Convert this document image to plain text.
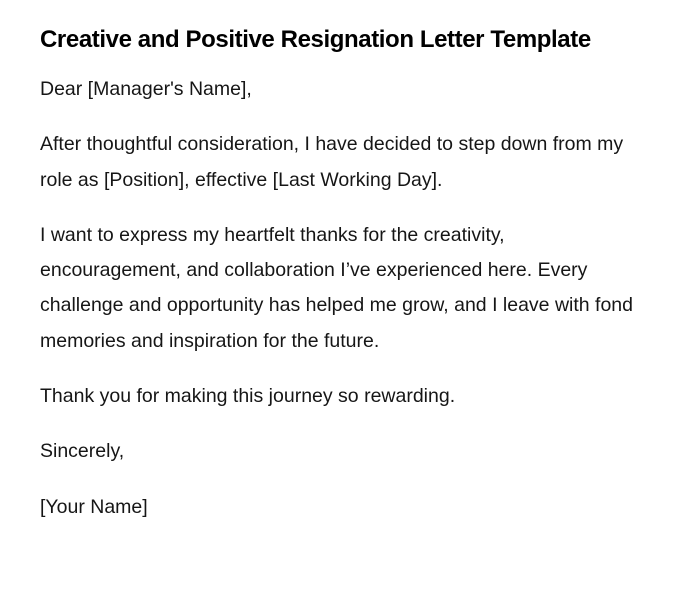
Creative and Positive Resignation Letter Template

Dear [Manager's Name],

After thoughtful consideration, I have decided to step down from my role as [Position], effective [Last Working Day].

I want to express my heartfelt thanks for the creativity, encouragement, and collaboration I’ve experienced here. Every challenge and opportunity has helped me grow, and I leave with fond memories and inspiration for the future.

Thank you for making this journey so rewarding.

Sincerely,

[Your Name]
